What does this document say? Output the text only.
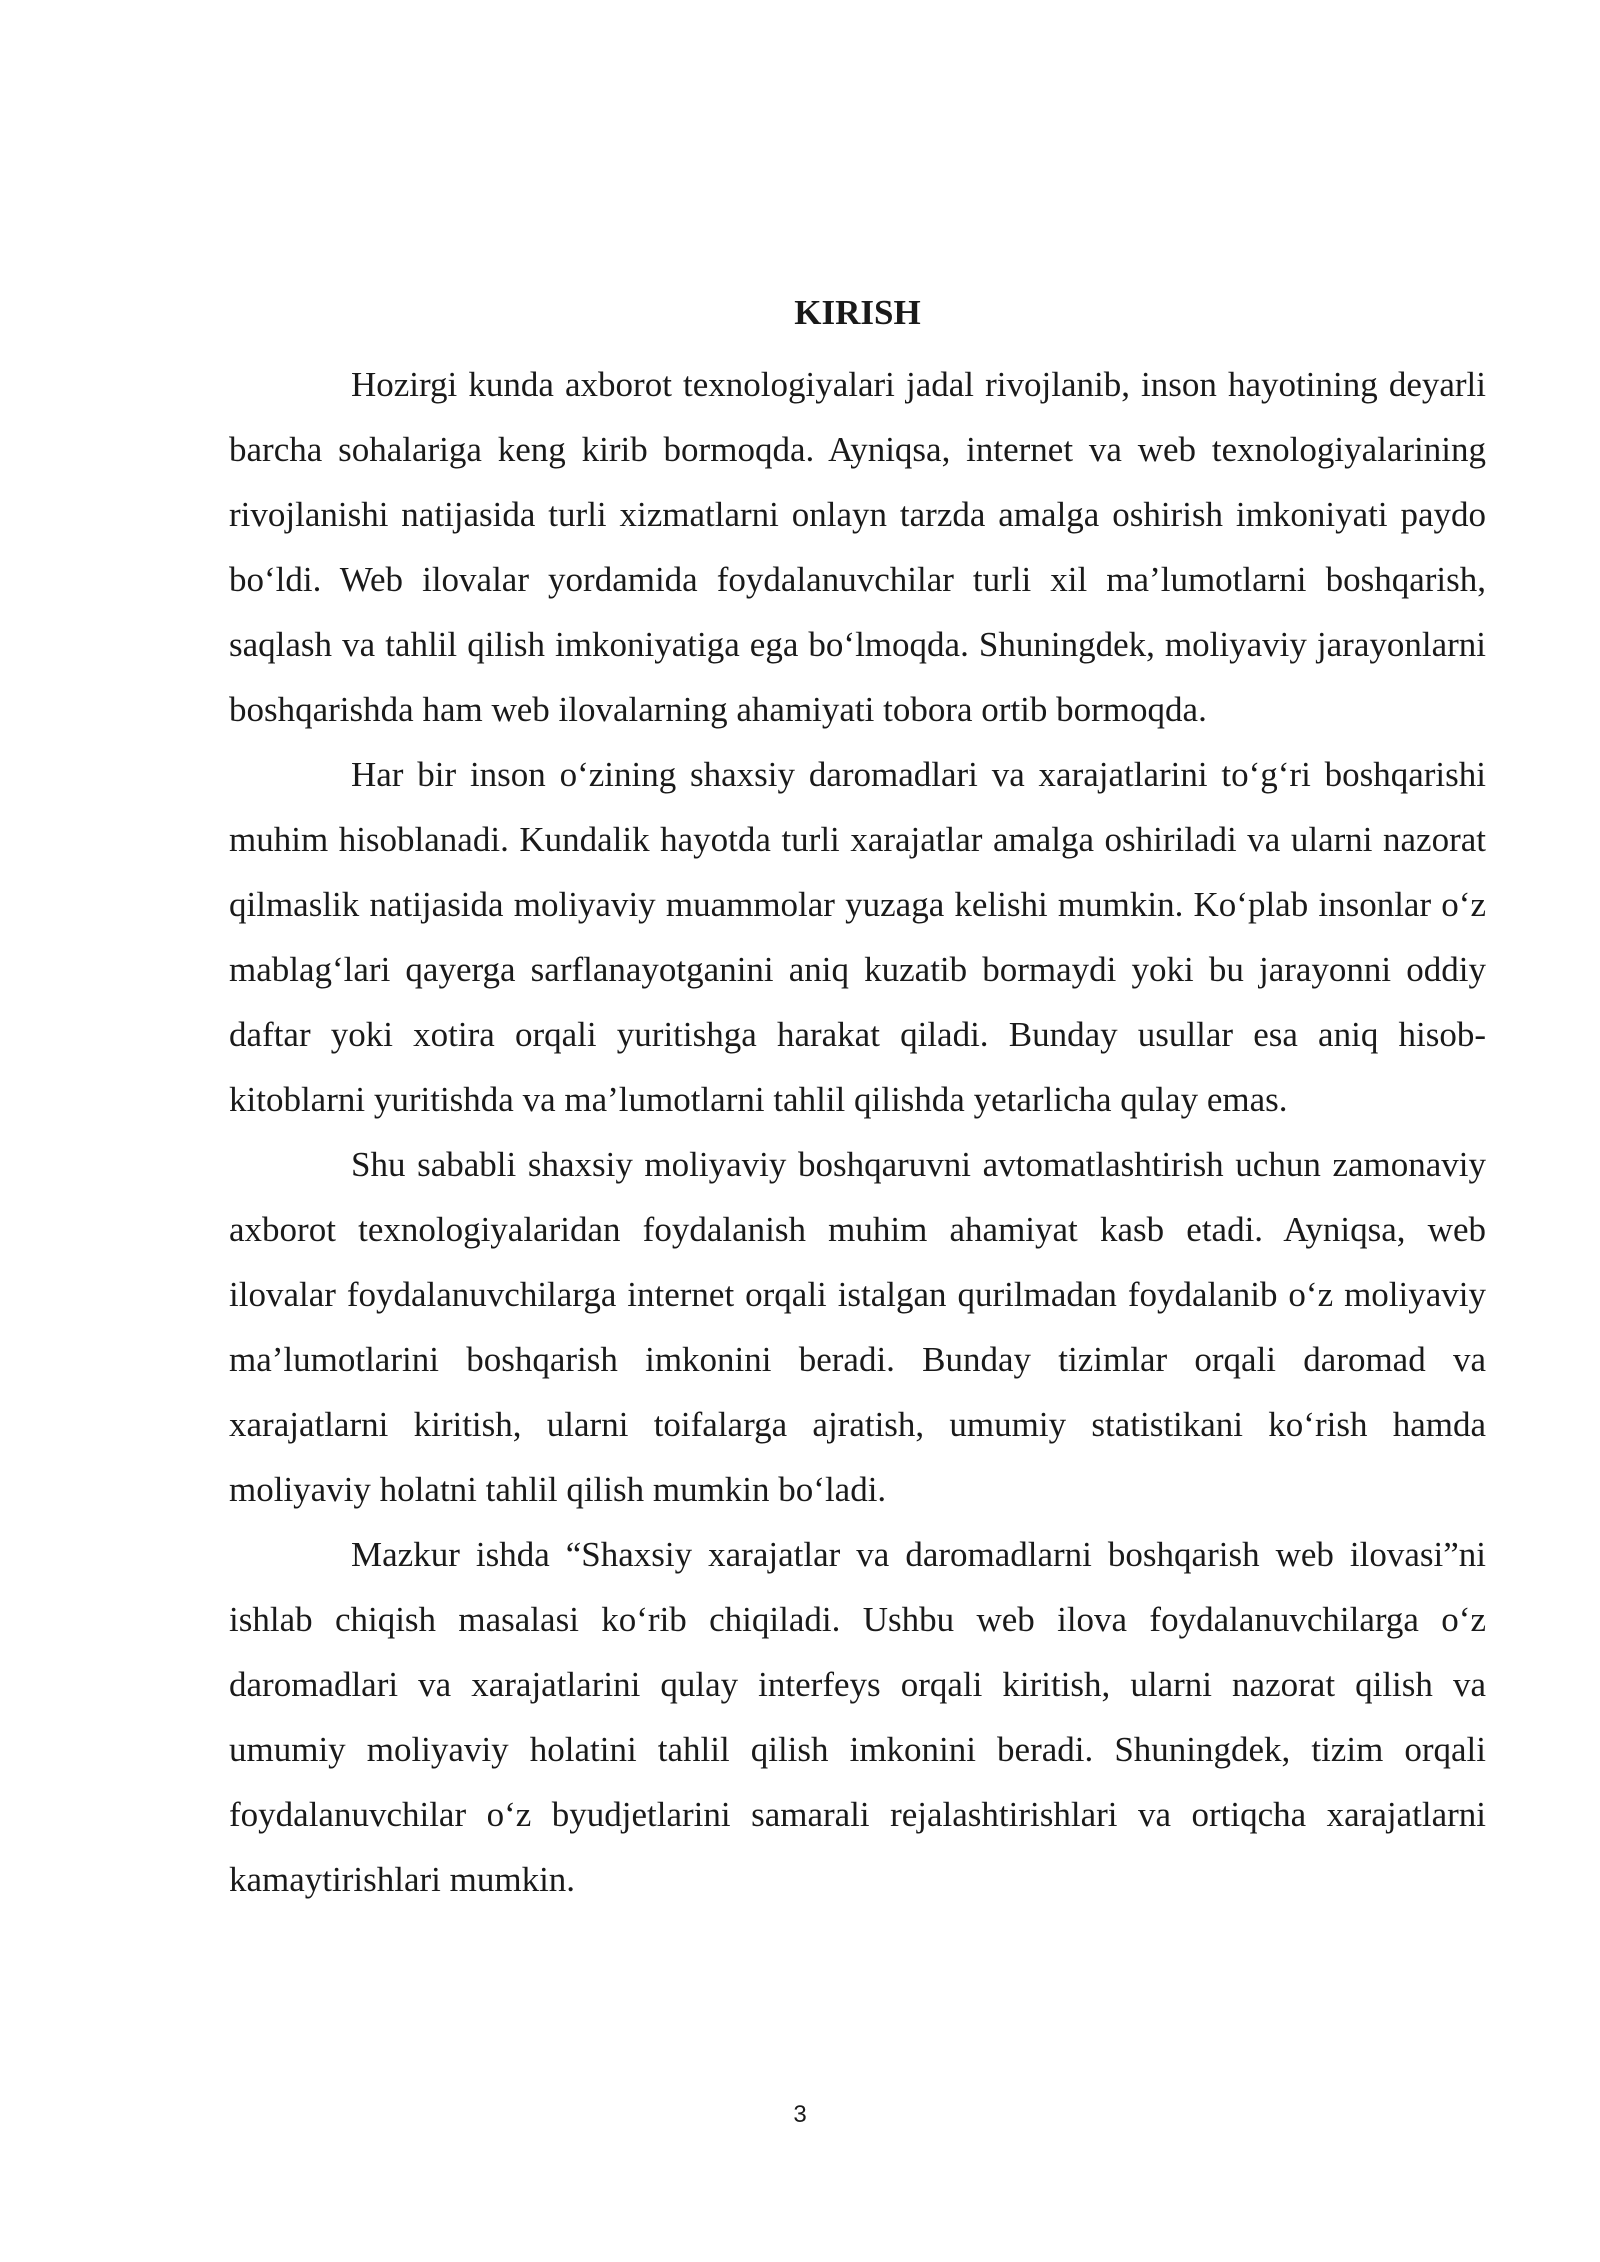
KIRISH

Hozirgi kunda axborot texnologiyalari jadal rivojlanib, inson hayotining deyarli barcha sohalariga keng kirib bormoqda. Ayniqsa, internet va web texnologiyalarining rivojlanishi natijasida turli xizmatlarni onlayn tarzda amalga oshirish imkoniyati paydo bo‘ldi. Web ilovalar yordamida foydalanuvchilar turli xil ma’lumotlarni boshqarish, saqlash va tahlil qilish imkoniyatiga ega bo‘lmoqda. Shuningdek, moliyaviy jarayonlarni boshqarishda ham web ilovalarning ahamiyati tobora ortib bormoqda.

Har bir inson o‘zining shaxsiy daromadlari va xarajatlarini to‘g‘ri boshqarishi muhim hisoblanadi. Kundalik hayotda turli xarajatlar amalga oshiriladi va ularni nazorat qilmaslik natijasida moliyaviy muammolar yuzaga kelishi mumkin. Ko‘plab insonlar o‘z mablag‘lari qayerga sarflanayotganini aniq kuzatib bormaydi yoki bu jarayonni oddiy daftar yoki xotira orqali yuritishga harakat qiladi. Bunday usullar esa aniq hisob-kitoblarni yuritishda va ma’lumotlarni tahlil qilishda yetarlicha qulay emas.

Shu sababli shaxsiy moliyaviy boshqaruvni avtomatlashtirish uchun zamonaviy axborot texnologiyalaridan foydalanish muhim ahamiyat kasb etadi. Ayniqsa, web ilovalar foydalanuvchilarga internet orqali istalgan qurilmadan foydalanib o‘z moliyaviy ma’lumotlarini boshqarish imkonini beradi. Bunday tizimlar orqali daromad va xarajatlarni kiritish, ularni toifalarga ajratish, umumiy statistikani ko‘rish hamda moliyaviy holatni tahlil qilish mumkin bo‘ladi.

Mazkur ishda “Shaxsiy xarajatlar va daromadlarni boshqarish web ilovasi”ni ishlab chiqish masalasi ko‘rib chiqiladi. Ushbu web ilova foydalanuvchilarga o‘z daromadlari va xarajatlarini qulay interfeys orqali kiritish, ularni nazorat qilish va umumiy moliyaviy holatini tahlil qilish imkonini beradi. Shuningdek, tizim orqali foydalanuvchilar o‘z byudjetlarini samarali rejalashtirishlari va ortiqcha xarajatlarni kamaytirishlari mumkin.

3
